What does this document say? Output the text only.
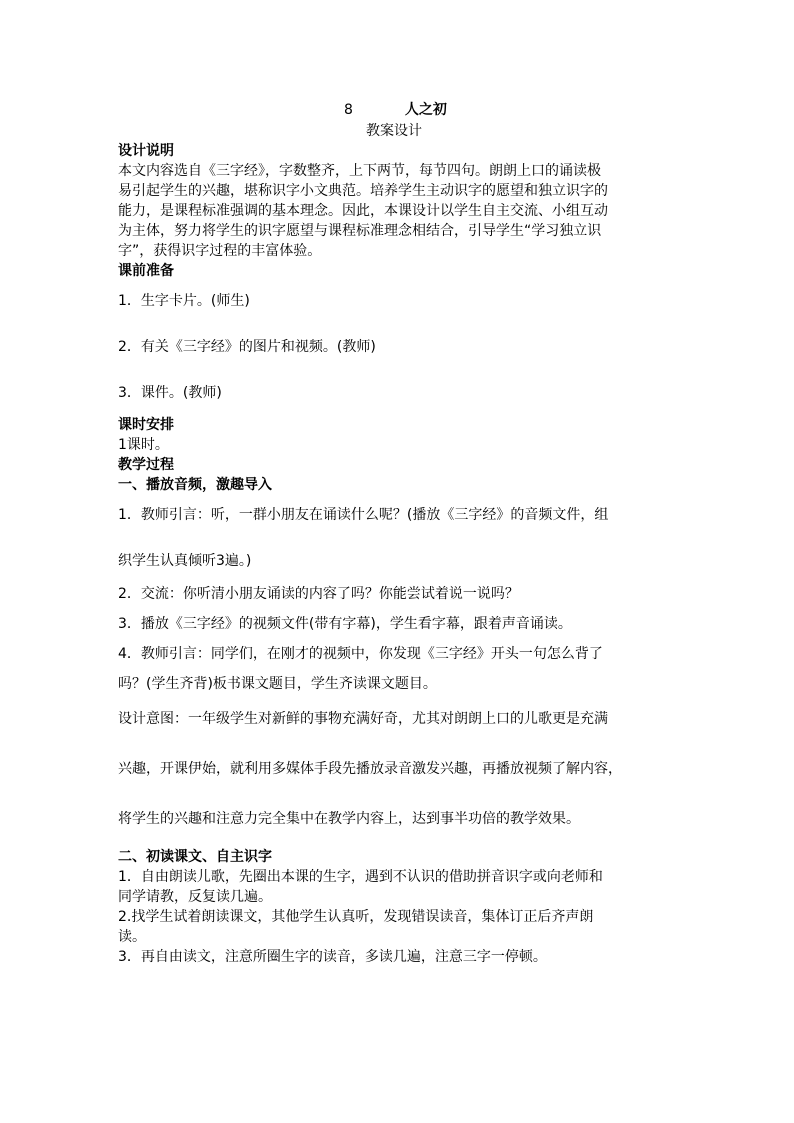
8	人之初
教案设计

设计说明

本文内容选自《三字经》，字数整齐，上下两节，每节四句。朗朗上口的诵读极

易引起学生的兴趣，堪称识字小文典范。培养学生主动识字的愿望和独立识字的

能力，是课程标准强调的基本理念。因此，本课设计以学生自主交流、小组互动

为主体，努力将学生的识字愿望与课程标准理念相结合，引导学生“学习独立识

字”，获得识字过程的丰富体验。

课前准备

1．生字卡片。(师生)

2．有关《三字经》的图片和视频。(教师)

3．课件。(教师)

课时安排

1课时。

教学过程

一、播放音频，激趣导入

1．教师引言：听，一群小朋友在诵读什么呢？(播放《三字经》的音频文件，组

织学生认真倾听3遍。)

2．交流：你听清小朋友诵读的内容了吗？你能尝试着说一说吗？

3．播放《三字经》的视频文件(带有字幕)，学生看字幕，跟着声音诵读。

4．教师引言：同学们，在刚才的视频中，你发现《三字经》开头一句怎么背了

吗？(学生齐背)板书课文题目，学生齐读课文题目。

设计意图：一年级学生对新鲜的事物充满好奇，尤其对朗朗上口的儿歌更是充满

兴趣，开课伊始，就利用多媒体手段先播放录音激发兴趣，再播放视频了解内容，

将学生的兴趣和注意力完全集中在教学内容上，达到事半功倍的教学效果。

二、初读课文、自主识字

1．自由朗读儿歌，先圈出本课的生字，遇到不认识的借助拼音识字或向老师和

同学请教，反复读几遍。

2.找学生试着朗读课文，其他学生认真听，发现错误读音，集体订正后齐声朗

读。

3．再自由读文，注意所圈生字的读音，多读几遍，注意三字一停顿。
